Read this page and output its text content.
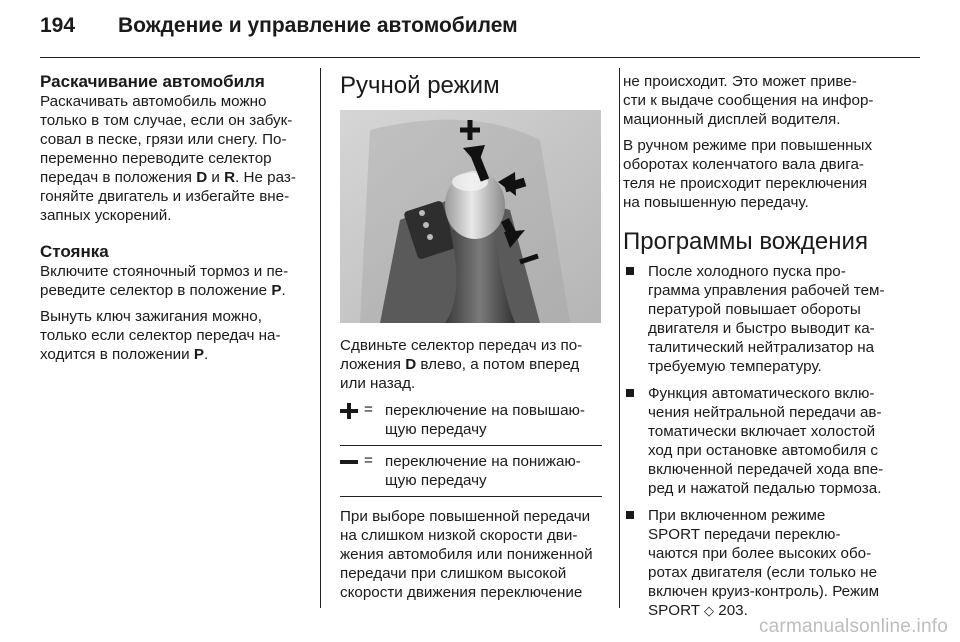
194 Вождение и управление автомобилем

Раскачивание автомобиля

Раскачивать автомобиль можно

только в том случае, если он забук-

совал в песке, грязи или снегу. По-

переменно переводите селектор

передач в положения D и R. Не раз-

гоняйте двигатель и избегайте вне-

запных ускорений.

Стоянка

Включите стояночный тормоз и пе-

реведите селектор в положение P.

Вынуть ключ зажигания можно,

только если селектор передач на-

ходится в положении P.

Ручной режим

Сдвиньте селектор передач из по-

ложения D влево, а потом вперед

или назад.

= переключение на повышаю-

щую передачу

= переключение на понижаю-

щую передачу

При выборе повышенной передачи

на слишком низкой скорости дви-

жения автомобиля или пониженной

передачи при слишком высокой

скорости движения переключение

не происходит. Это может приве-

сти к выдаче сообщения на инфор-

мационный дисплей водителя.

В ручном режиме при повышенных

оборотах коленчатого вала двига-

теля не происходит переключения

на повышенную передачу.

Программы вождения

После холодного пуска про-
грамма управления рабочей тем-
пературой повышает обороты
двигателя и быстро выводит ка-
талитический нейтрализатор на
требуемую температуру.
Функция автоматического вклю-
чения нейтральной передачи ав-
томатически включает холостой
ход при остановке автомобиля с
включенной передачей хода впе-
ред и нажатой педалью тормоза.
При включенном режиме
SPORT передачи переклю-
чаются при более высоких обо-
ротах двигателя (если только не
включен круиз-контроль). Режим
SPORT ◇ 203.
carmanualsonline.info
